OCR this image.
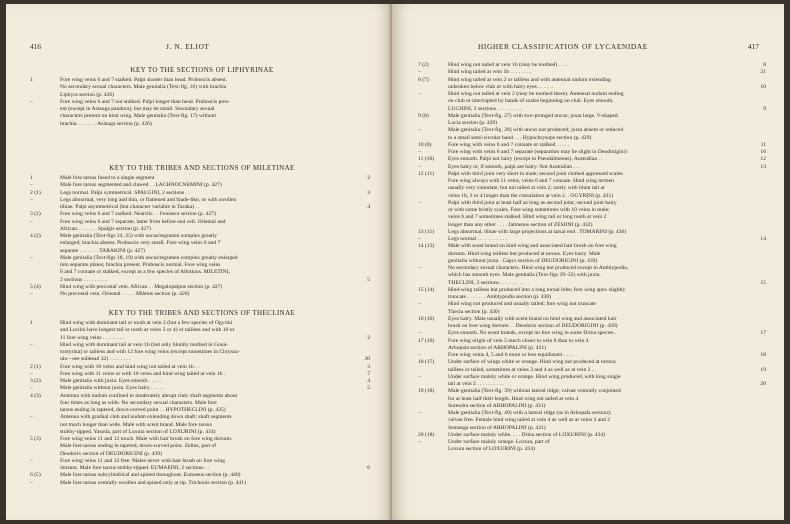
416	J. N. ELIOT
KEY TO THE SECTIONS OF LIPHYRINAE
1	Fore wing veins 6 and 7 stalked. Palpi shorter than head. Proboscis absent.
No secondary sexual characters. Male genitalia (Text-fig. 16) with brachia
Liphyra section (p. 426)
–	Fore wing veins 6 and 7 not stalked. Palpi longer than head. Proboscis pres-
ent (except in Aslauga pandora), but may be small. Secondary sexual
characters present on hind wing. Male genitalia (Text-fig. 17) without
brachia . . . . . . . Aslauga section (p. 426)
KEY TO THE TRIBES AND SECTIONS OF MILETINAE
1	Male fore tarsus fused to a single segment	2
–	Male fore tarsus segmented and clawed . . LACHNOCNEMINI (p. 427)
2 (1)	Legs normal. Palpi symmetrical. SPALGINI, 2 sections . .	3
–	Legs abnormal, very long and thin, or flattened and blade-like, or with swollen
tibiae. Palpi asymmetrical (but character variable in Taraka) . .	4
3 (2)	Fore wing veins 6 and 7 stalked. Nearctic . . Feniseca section (p. 427)
–	Fore wing veins 6 and 7 separate, latter from before end cell. Oriental and
African . . . . . . . Spalgis section (p. 427)
4 (2)	Male genitalia (Text-figs 24, 25) with uncus/tegumen complex greatly
enlarged; brachia absent. Proboscis very small. Fore wing veins 6 and 7
separate . . . . . . . TARAKINI (p. 427)
–	Male genitalia (Text-figs 18, 19) with uncus/tegumen complex greatly enlarged
into separate plates; brachia present. Proboscis normal. Fore wing veins
6 and 7 connate or stalked, except in a few species of Allotinus. MILETINI,
2 sections . . . . . . . . .	5
5 (4)	Hind wing with precostal vein. African . . Megalopalpus section (p. 427)
–	No precostal vein. Oriental . . . . . Miletus section (p. 426)
KEY TO THE TRIBES AND SECTIONS OF THECLINAE
1	Hind wing with dominant tail or tooth at vein 2 (but a few species of Ogyrini
and Luciini have longest tail or tooth at veins 3 or 4) or tailless and with 10 or
11 fore wing veins . . . . . . . .	2
–	Hind wing with dominant tail at vein 1b (but only bluntly toothed in Gona-
tomyrina) or tailless and with 12 fore wing veins (except sometimes in Chrysoz-
ula—see subhead 32) . . . . . . . .	30
2 (1)	Fore wing with 10 veins and hind wing not tailed at vein 1b . .	3
–	Fore wing with 11 veins or with 10 veins and hind wing tailed at vein 1b .	7
3 (2)	Male genitalia with juxta. Eyes smooth . . . . .	4
–	Male genitalia without juxta. Eyes hairy . . . . .	5
4 (3)	Antenna with nudum confined to moderately abrupt club; shaft segments about
four times as long as wide. No secondary sexual characters. Male fore
tarsus ending in tapered, down-curved point . . HYPOTHECLINI (p. 435)
–	Antenna with gradual club and nudum extending down shaft; shaft segments
not much longer than wide. Male with scent brand. Male fore tarsus
stubby-tipped. Yasoda, part of Loxura section of LOXURINI (p. 434)
5 (3)	Fore wing veins 11 and 12 touch. Male with hair brush on fore wing dorsum.
Male fore tarsus ending in tapered, down-curved point. Zeltus, part of
Deudorix section of DEUDORIGINI (p. 439)
–	Fore wing veins 11 and 12 free. Males never with hair brush on fore wing
dorsum. Male fore tarsus stubby-tipped. EUMAEINI, 2 sections . .	6
6 (5)	Male fore tarsus subcylindrical and spined throughout. Eumaeus section (p. 440)
–	Male fore tarsus centrally swollen and spined only at tip. Trichonis section (p. 441)
HIGHER CLASSIFICATION OF LYCAENIDAE	417
7 (2)	Hind wing not tailed at vein 1b (may be toothed) . . . .	8
–	Hind wing tailed at vein 1b . . . . . . . .	21
8 (7)	Hind wing tailed at vein 2 or tailless and with antennal nudum extending
unbroken below club or with hairy eyes . . . . . .	10
–	Hind wing not tailed at vein 2 (may be toothed there). Antennal nudum ending
on club or interrupted by bands of scales beginning on club. Eyes smooth.
LUCHINI, 2 sections . . . . . . . . .	9
9 (8)	Male genitalia (Text-fig. 27) with two-pronged uncus; juxta large, V-shaped.
Lucia section (p. 429)
–	Male genitalia (Text-fig. 28) with uncus not produced; juxta absent or reduced
to a small semi-circular band . . . Hypochrysops section (p. 429)
10 (8)	Fore wing with veins 6 and 7 connate or stalked . . . . .	11
–	Fore wing with veins 6 and 7 separate (separation may be slight in Deudorigini)	16
11 (10)	Eyes smooth. Palpi not hairy (except in Pseudalmenus). Australian . .	12
–	Eyes hairy or, if smooth, palpi are hairy. Not Australian . . .	13
12 (11)	Palpi with third joint very short in male; second joint clothed appressed scales.
Fore wing always with 11 veins, veins 6 and 7 connate. Hind wing termen
usually very crenulate, but not tailed at vein 2; rarely with blunt tail at
veins 1b, 3 or 4 longer than the crenulation at vein 2. . OGYRINI (p. 431)
–	Palpi with third joint at least half as long as second joint; second joint hairy
or with some bristly scales. Fore wing sometimes with 10 veins in male;
veins 6 and 7 sometimes stalked. Hind wing tail or long tooth at vein 2
longer than any other . . . . Jalmenus section of ZESIINI (p. 432)
13 (11)	Legs abnormal, tibiae with large projections at tarsal end . TOMARINI (p. 436)
–	Legs normal . . . . . . . . . . .	14
14 (13)	Male with scent brand on hind wing and associated hair brush on fore wing
dorsum. Hind wing tailless but produced at tornus. Eyes hairy. Male
genitalia without juxta . Capys section of DEUDORIGINI (p. 439)
–	No secondary sexual characters. Hind wing not produced except in Amblypodia,
which has smooth eyes. Male genitalia (Text-figs 29–32) with juxta.
THECLINI, 2 sections . . . . . . . . .	15
15 (14)	Hind-wing tailless but produced into a long tornal lobe; fore wing apex slightly
truncate . . . . . . . Amblypodia section (p. 430)
–	Hind wing not produced and usually tailed; fore wing not truncate
Thecla section (p. 430)
16 (10)	Eyes hairy. Male usually with scent brand on hind wing and associated hair
brush on fore wing dorsum . . Deudorix section of DEUDORIGINI (p. 439)
–	Eyes smooth. No scent brands, except on fore wing in some Drina species .	17
17 (16)	Fore wing origin of vein 5 much closer to vein 6 than to vein 4
Arhopala section of ARHOPALINI (p. 431)
–	Fore wing veins 4, 5 and 6 more or less equidistant . . . .	18
18 (17)	Under surface of wings white or orange. Hind wing not produced at tornus;
tailless or tailed, sometimes at veins 3 and 4 as well as at vein 2 . .	19
–	Under surface mainly white or orange. Hind wing produced, with long single
tail at vein 2 . . . . . . . . . .	20
19 (18)	Male genitalia (Text-fig. 39) without lateral ridge; valvae ventrally conjoined
for at least half their length. Hind wing not tailed at vein 4
Surendra section of ARHOPALINI (p. 431)
–	Male genitalia (Text-fig. 40) with a lateral ridge (as in Arhopala section);
valvae free. Female hind wing tailed at vein 4 as well as at veins 3 and 2
Semanga section of ARHOPALINI (p. 431)
20 (18)	Under surface mainly white. . . . Drina section of LOXURINI (p. 434)
–	Under surface mainly orange. Loxura, part of
Loxura section of LOXURINI (p. 434)
